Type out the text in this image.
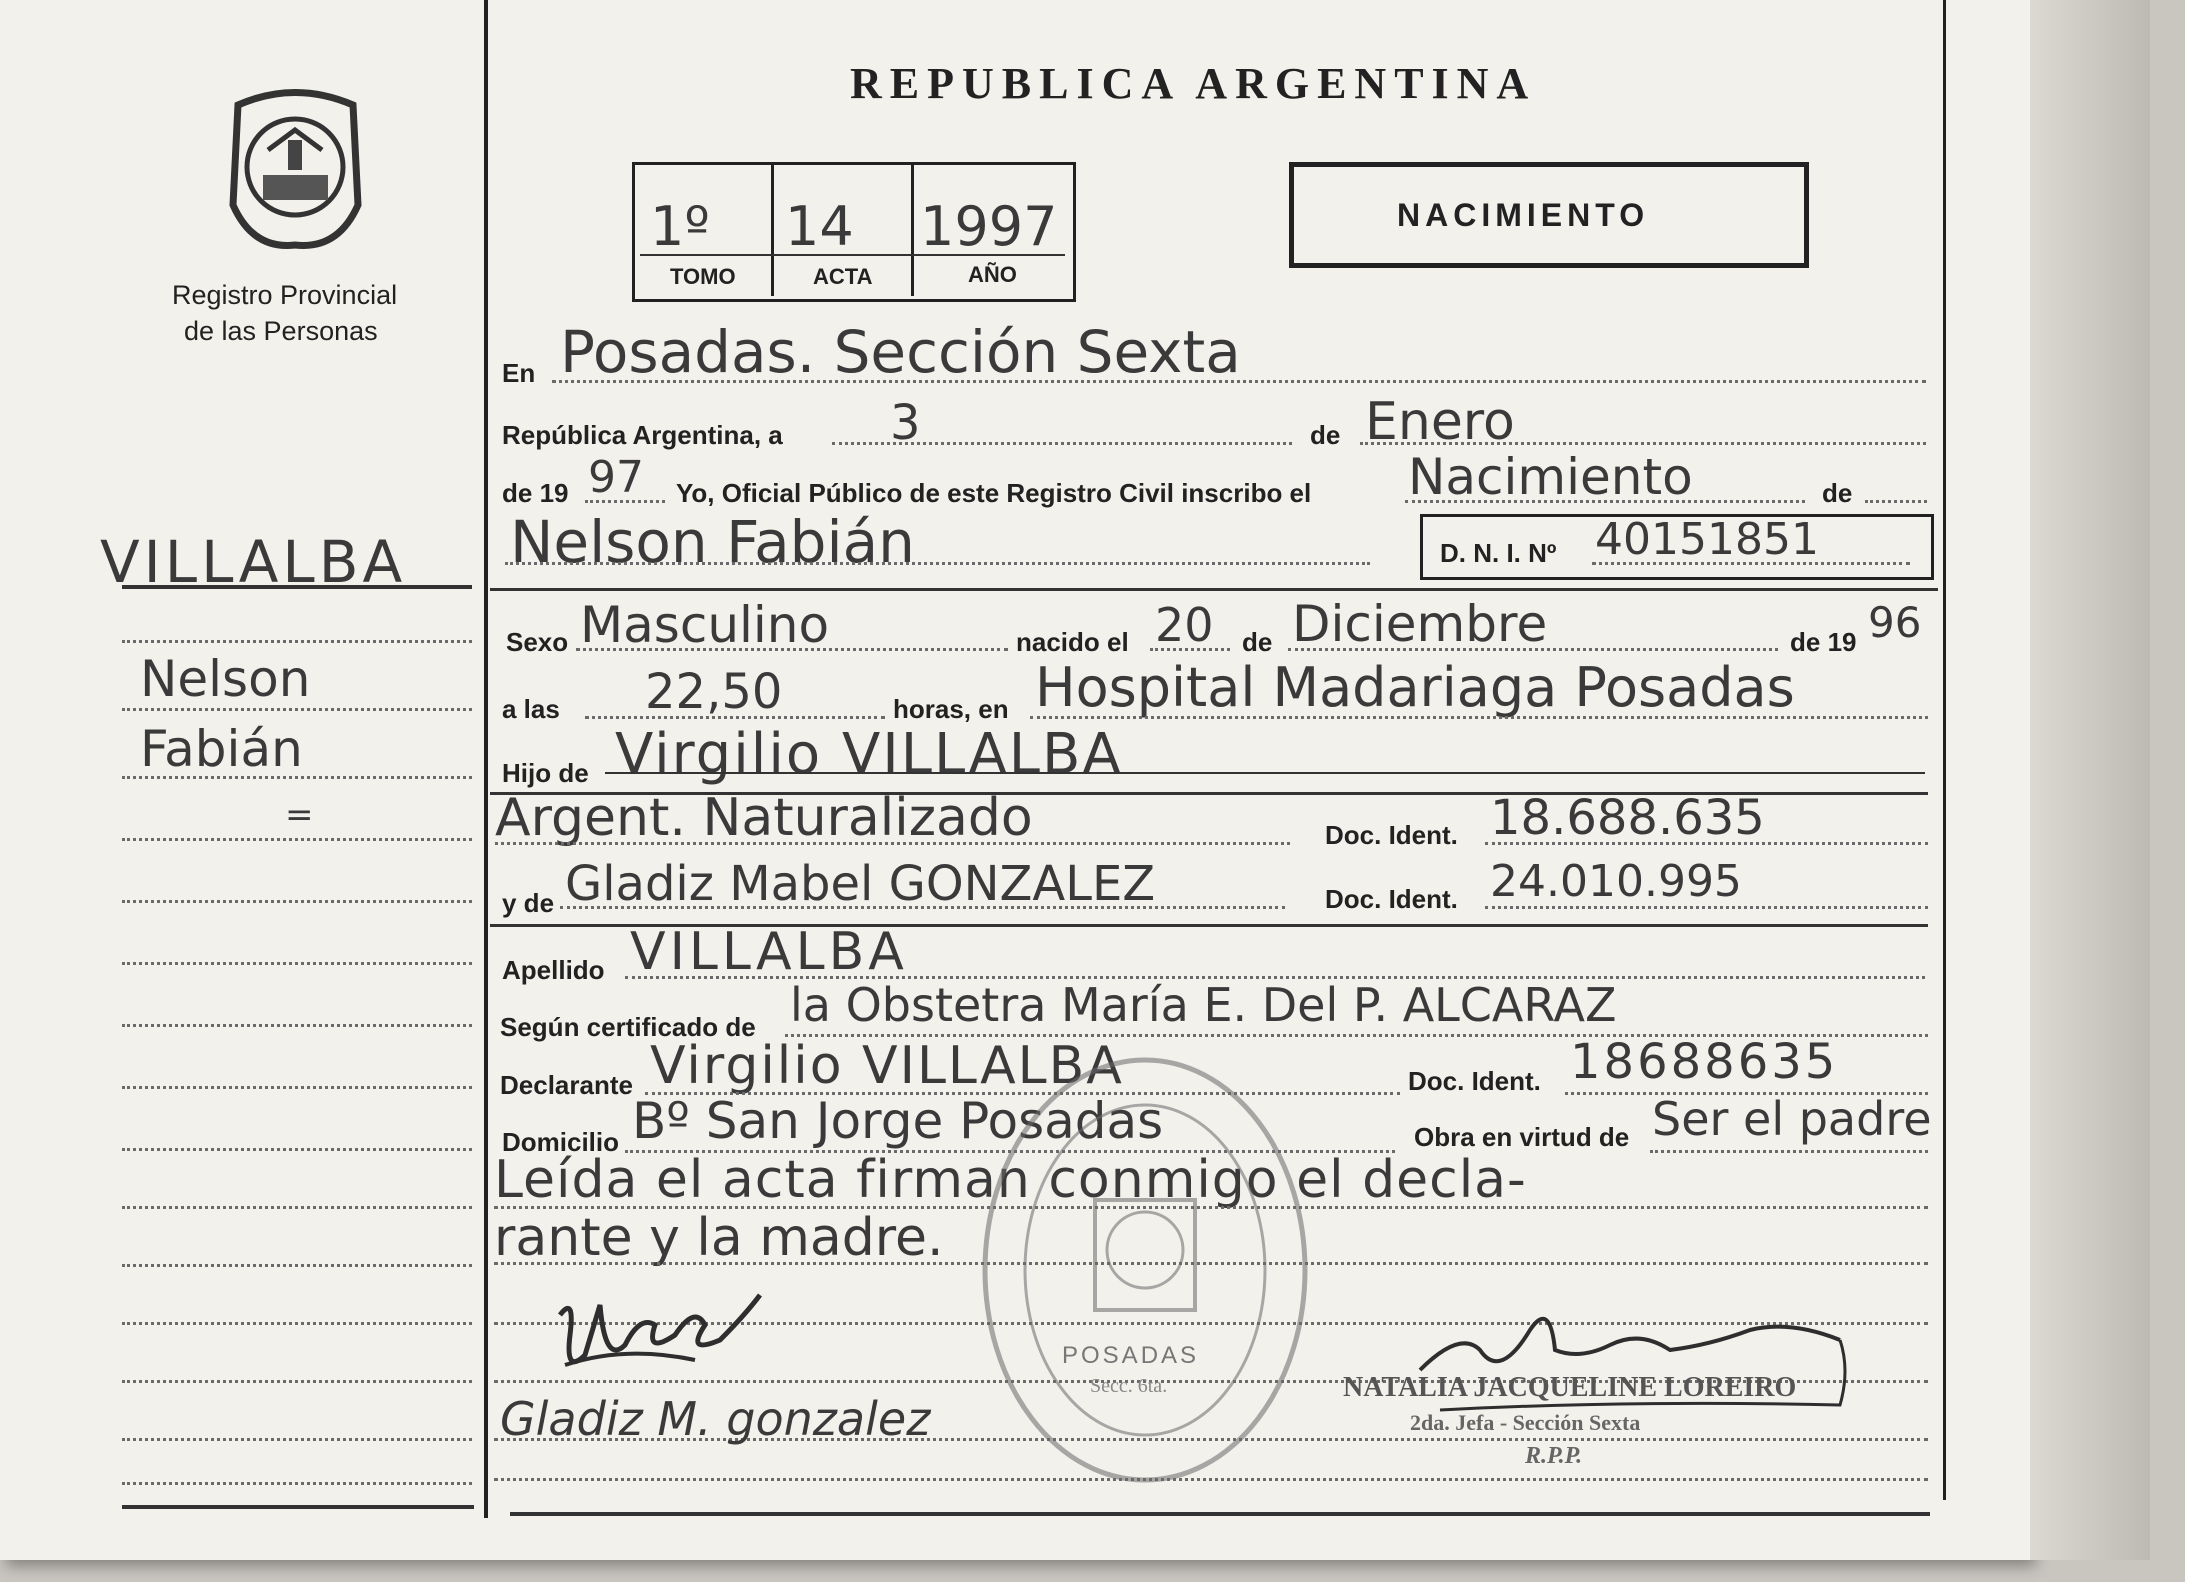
REPUBLICA ARGENTINA
Registro Provincial
de las Personas
1º 14 1997
TOMO	ACTA	AÑO
NACIMIENTO
VILLALBA
Nelson
Fabián
=
En Posadas. Sección Sexta
República Argentina, a 3	de Enero
de 19 97 Yo, Oficial Público de este Registro Civil inscribo el Nacimiento	de
Nelson Fabián	D. N. I. Nº 40151851
Sexo Masculino	nacido el 20 de Diciembre	de 19 96
a las 22,50	horas, en Hospital Madariaga Posadas
Hijo de Virgilio VILLALBA
Argent. Naturalizado	Doc. Ident. 18.688.635
y de Gladiz Mabel GONZALEZ	Doc. Ident. 24.010.995
Apellido VILLALBA
Según certificado de la Obstetra María E. Del P. ALCARAZ
Declarante Virgilio VILLALBA	Doc. Ident. 18688635
Domicilio Bº San Jorge Posadas	Obra en virtud de Ser el padre
Leída el acta firman conmigo el decla-
rante y la madre.
Gladiz M. gonzalez
NATALIA JACQUELINE LOREIRO
2da. Jefa - Sección Sexta
R.P.P.
POSADAS
Secc. 6ta.
